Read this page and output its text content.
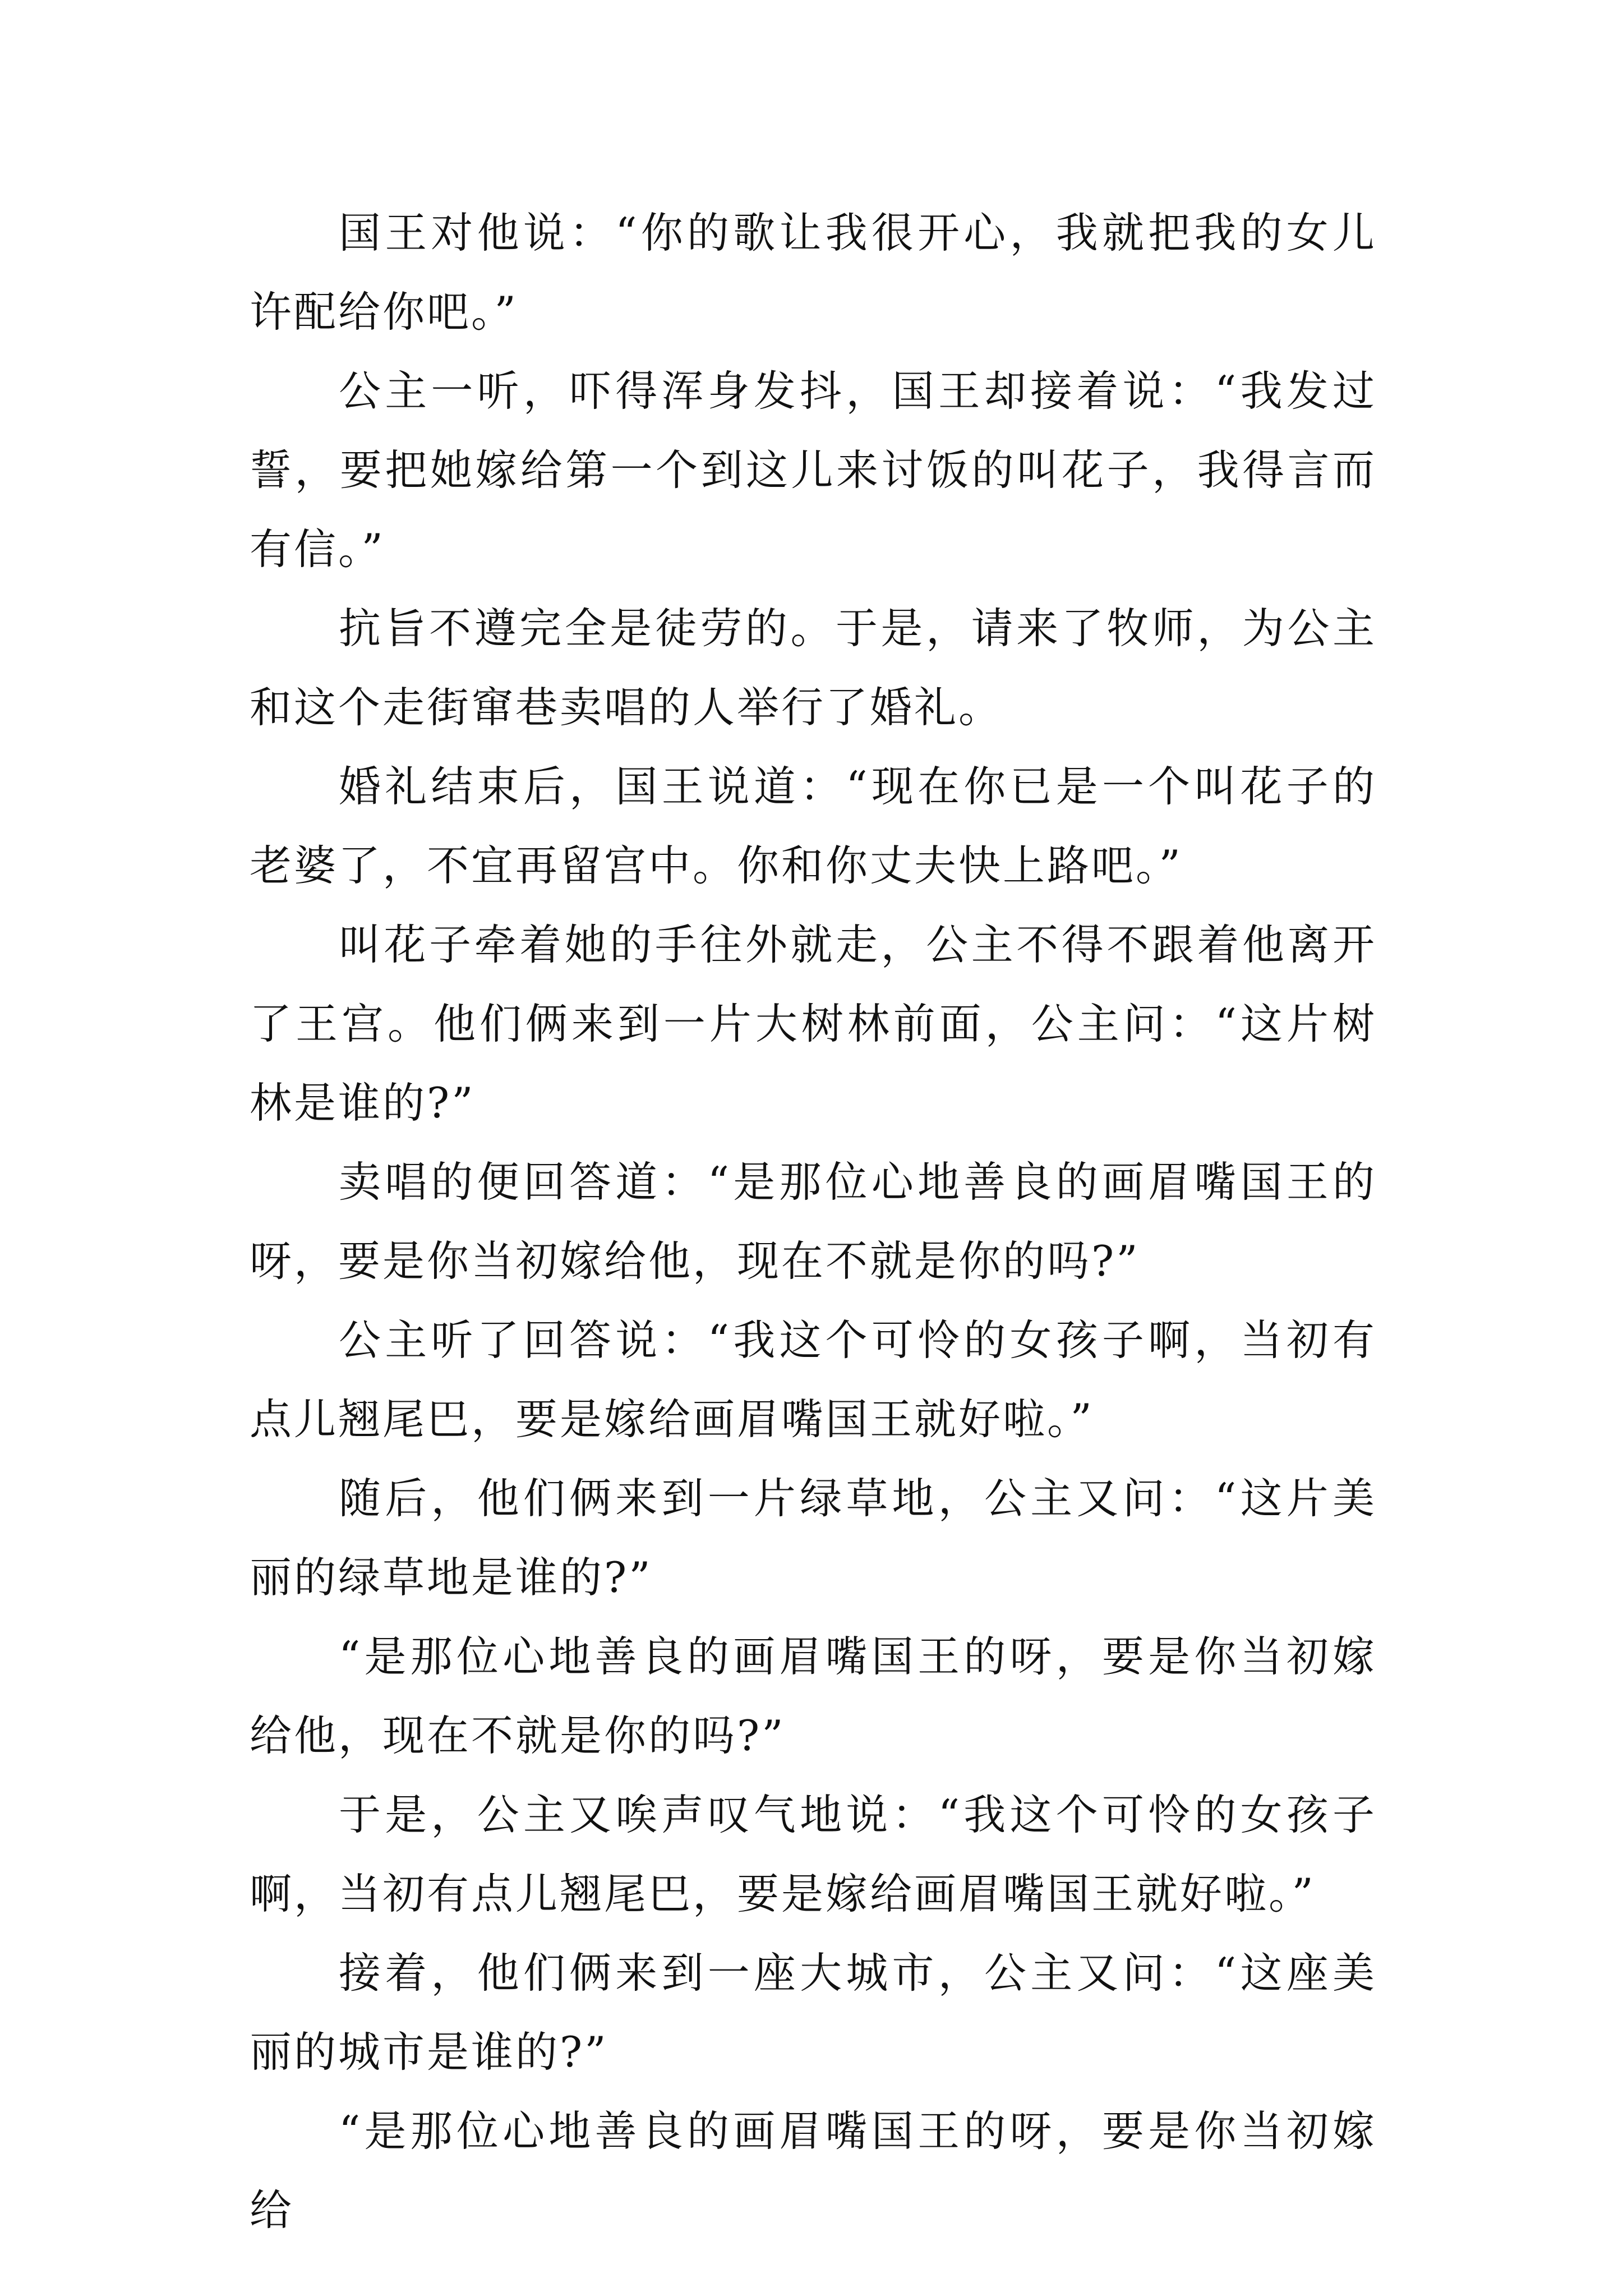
国王对他说：“你的歌让我很开心，我就把我的女儿许配给你吧。”

公主一听，吓得浑身发抖，国王却接着说：“我发过誓，要把她嫁给第一个到这儿来讨饭的叫花子，我得言而有信。”

抗旨不遵完全是徒劳的。于是，请来了牧师，为公主和这个走街窜巷卖唱的人举行了婚礼。

婚礼结束后，国王说道：“现在你已是一个叫花子的老婆了，不宜再留宫中。你和你丈夫快上路吧。”

叫花子牵着她的手往外就走，公主不得不跟着他离开了王宫。他们俩来到一片大树林前面，公主问：“这片树林是谁的?”

卖唱的便回答道：“是那位心地善良的画眉嘴国王的呀，要是你当初嫁给他，现在不就是你的吗?”

公主听了回答说：“我这个可怜的女孩子啊，当初有点儿翘尾巴，要是嫁给画眉嘴国王就好啦。”

随后，他们俩来到一片绿草地，公主又问：“这片美丽的绿草地是谁的?”

“是那位心地善良的画眉嘴国王的呀，要是你当初嫁给他，现在不就是你的吗?”

于是，公主又唉声叹气地说：“我这个可怜的女孩子啊，当初有点儿翘尾巴，要是嫁给画眉嘴国王就好啦。”

接着，他们俩来到一座大城市，公主又问：“这座美丽的城市是谁的?”

“是那位心地善良的画眉嘴国王的呀，要是你当初嫁给
